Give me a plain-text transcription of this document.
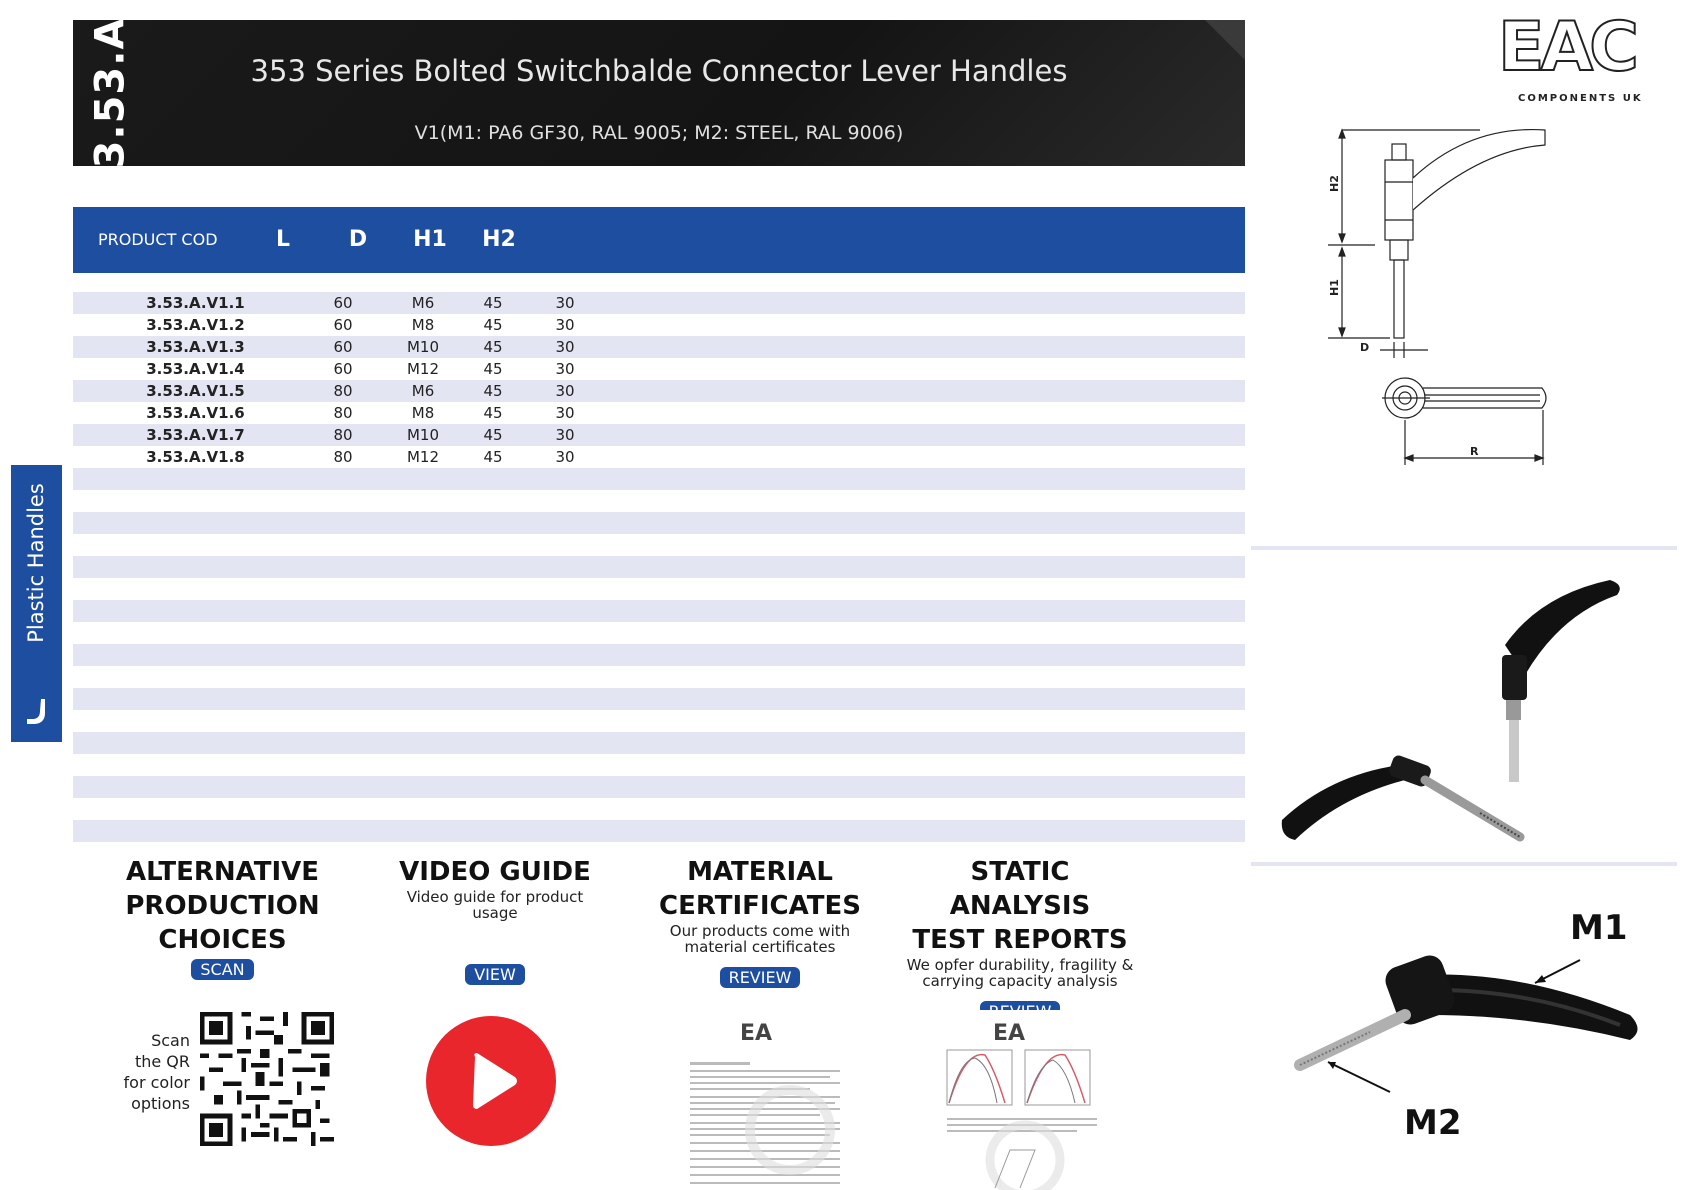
3.53.A	353 Series Bolted Switchbalde Connector Lever Handles
V1(M1: PA6 GF30, RAL 9005; M2: STEEL, RAL 9006)
EAC
COMPONENTS UK
PRODUCT COD	L	D	H1	H2
3.53.A.V1.1	60	M6	45	30
3.53.A.V1.2	60	M8	45	30
3.53.A.V1.3	60	M10	45	30
3.53.A.V1.4	60	M12	45	30
3.53.A.V1.5	80	M6	45	30
3.53.A.V1.6	80	M8	45	30
3.53.A.V1.7	80	M10	45	30
3.53.A.V1.8	80	M12	45	30
Plastic Handles
H2
H1
D
R
M1
M2
ALTERNATIVE
PRODUCTION
CHOICES
SCAN
Scan
the QR
for color
options
VIDEO GUIDE
Video guide for product
usage
VIEW
MATERIAL
CERTIFICATES
Our products come with
material certificates
REVIEW
EA
STATIC ANALYSIS
TEST REPORTS
We opfer durability, fragility &
carrying capacity analysis
EA
